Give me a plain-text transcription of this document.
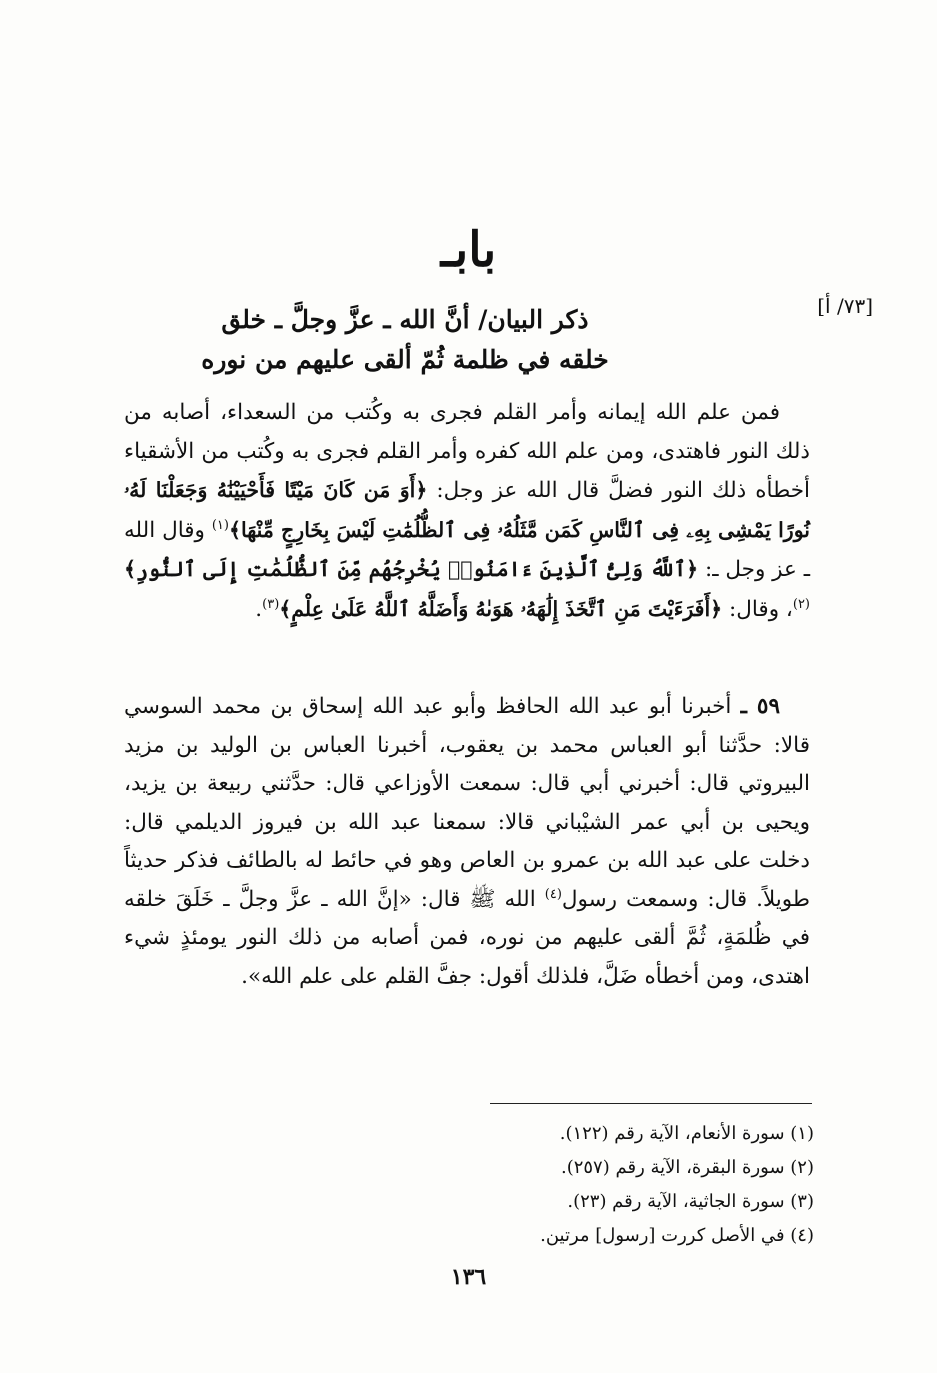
بابـ
[٧٣/ أ]
ذكر البيان/ أنَّ الله ـ عزَّ وجلَّ ـ خلق
خلقه في ظلمة ثُمّ ألقى عليهم من نوره

فمن علم الله إيمانه وأمر القلم فجرى به وكُتب من السعداء، أصابه من ذلك النور فاهتدى، ومن علم الله كفره وأمر القلم فجرى به وكُتب من الأشقياء أخطأه ذلك النور فضلَّ قال الله عز وجل: ﴿أَوَ مَن كَانَ مَيْتًا فَأَحْيَيْنَٰهُ وَجَعَلْنَا لَهُۥ نُورًا يَمْشِى بِهِۦ فِى ٱلنَّاسِ كَمَن مَّثَلُهُۥ فِى ٱلظُّلُمَٰتِ لَيْسَ بِخَارِجٍ مِّنْهَا﴾$^{(١)}$ وقال الله ـ عز وجل ـ: ﴿ٱللَّهُ وَلِىُّ ٱلَّذِينَ ءَامَنُوا۟ يُخْرِجُهُم مِّنَ ٱلظُّلُمَٰتِ إِلَى ٱلنُّورِ﴾$^{(٢)}$، وقال: ﴿أَفَرَءَيْتَ مَنِ ٱتَّخَذَ إِلَٰهَهُۥ هَوَىٰهُ وَأَضَلَّهُ ٱللَّهُ عَلَىٰ عِلْمٍ﴾$^{(٣)}$.

٥٩ ـ أخبرنا أبو عبد الله الحافظ وأبو عبد الله إسحاق بن محمد السوسي قالا: حدَّثنا أبو العباس محمد بن يعقوب، أخبرنا العباس بن الوليد بن مزيد البيروتي قال: أخبرني أبي قال: سمعت الأوزاعي قال: حدَّثني ربيعة بن يزيد، ويحيى بن أبي عمر الشيْباني قالا: سمعنا عبد الله بن فيروز الديلمي قال: دخلت على عبد الله بن عمرو بن العاص وهو في حائط له بالطائف فذكر حديثاً طويلاً. قال: وسمعت رسول$^{(٤)}$ الله ﷺ قال: «إنَّ الله ـ عزَّ وجلَّ ـ خَلَقَ خلقه في ظُلمَةٍ، ثُمَّ ألقى عليهم من نوره، فمن أصابه من ذلك النور يومئذٍ شيء اهتدى، ومن أخطأه ضَلَّ، فلذلك أقول: جفَّ القلم على علم الله».

(١) سورة الأنعام، الآية رقم (١٢٢).
(٢) سورة البقرة، الآية رقم (٢٥٧).
(٣) سورة الجاثية، الآية رقم (٢٣).
(٤) في الأصل كررت [رسول] مرتين.
١٣٦
